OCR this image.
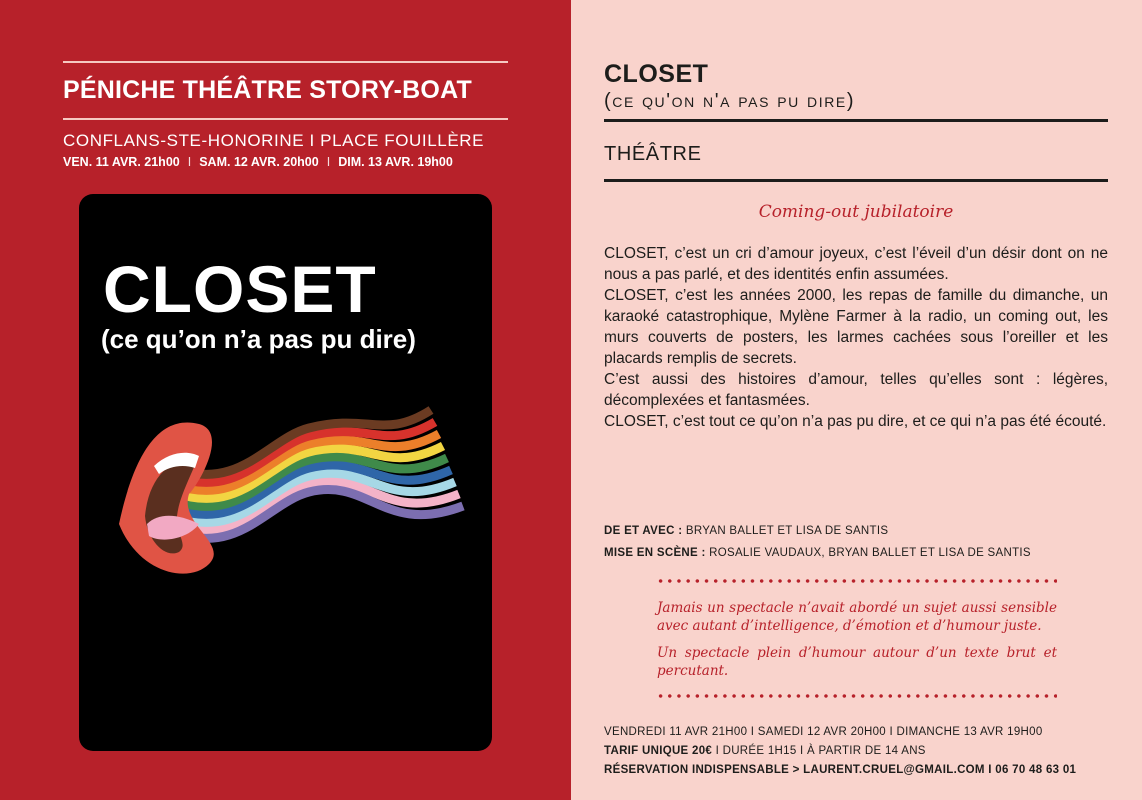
PÉNICHE THÉÂTRE STORY-BOAT
CONFLANS-STE-HONORINE I PLACE FOUILLÈRE
VEN. 11 AVR. 21h00 I SAM. 12 AVR. 20h00 I DIM. 13 AVR. 19h00
CLOSET
(ce qu’on n’a pas pu dire)
CLOSET
(ce qu'on n'a pas pu dire)
THÉÂTRE
Coming-out jubilatoire

CLOSET, c’est un cri d’amour joyeux, c’est l’éveil d’un désir dont on ne nous a pas parlé, et des identités enfin assumées.

CLOSET, c’est les années 2000, les repas de famille du dimanche, un karaoké catastrophique, Mylène Farmer à la radio, un coming out, les murs couverts de posters, les larmes cachées sous l’oreiller et les placards remplis de secrets.

C’est aussi des histoires d’amour, telles qu’elles sont : légères, décomplexées et fantasmées.

CLOSET, c’est tout ce qu’on n’a pas pu dire, et ce qui n’a pas été écouté.

DE ET AVEC : BRYAN BALLET ET LISA DE SANTIS
MISE EN SCÈNE : ROSALIE VAUDAUX, BRYAN BALLET ET LISA DE SANTIS
Jamais un spectacle n’avait abordé un sujet aussi sensible avec autant d’intelligence, d’émotion et d’humour juste.
Un spectacle plein d’humour autour d’un texte brut et percutant.
VENDREDI 11 AVR 21H00 I SAMEDI 12 AVR 20H00 I DIMANCHE 13 AVR 19H00
TARIF UNIQUE 20€ I DURÉE 1H15 I À PARTIR DE 14 ANS
RÉSERVATION INDISPENSABLE > LAURENT.CRUEL@GMAIL.COM I 06 70 48 63 01
